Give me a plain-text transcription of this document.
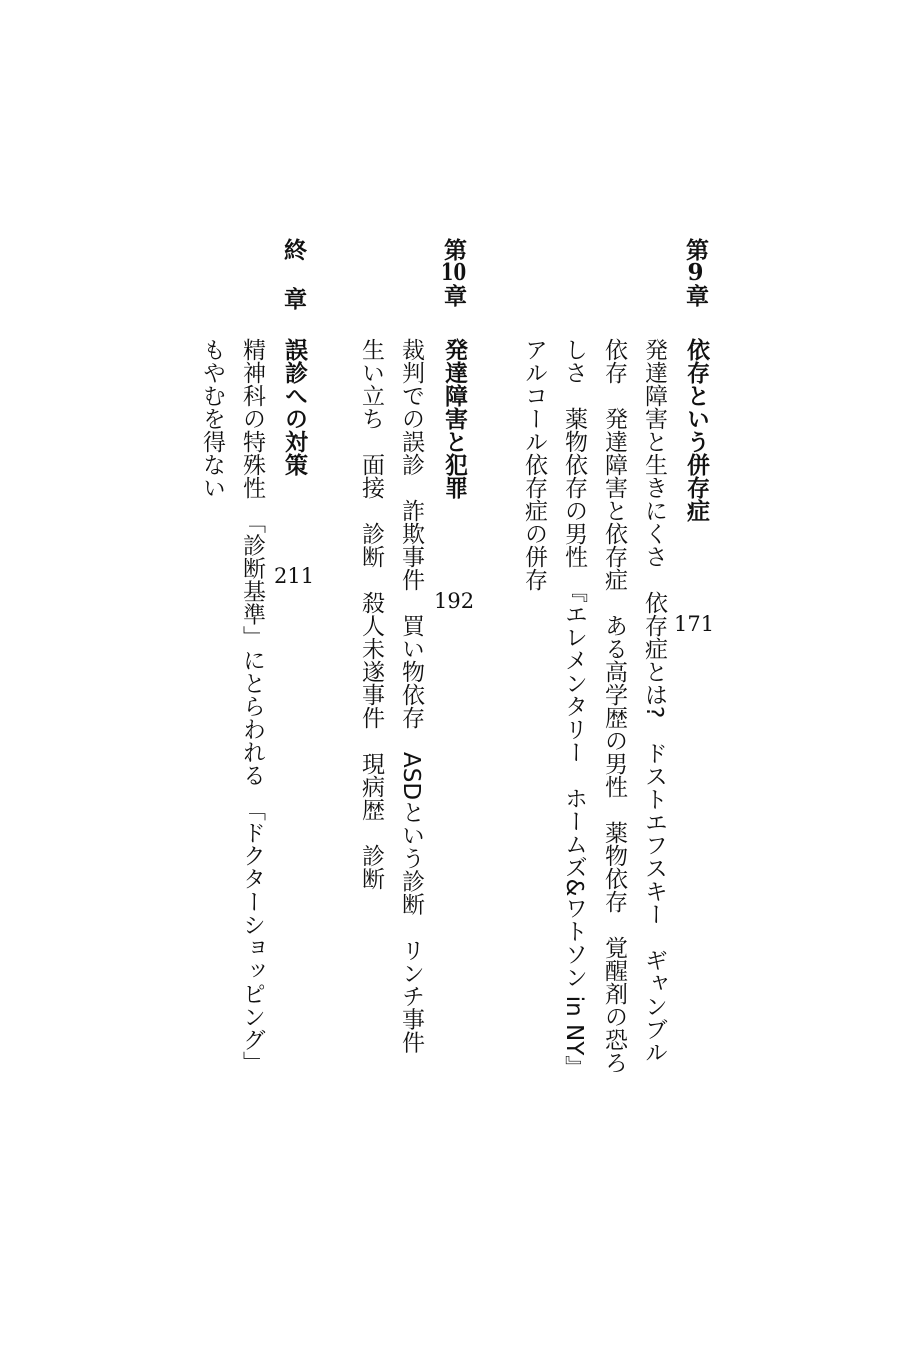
第9章
依存という併存症
171
発達障害と生きにくさ　依存症とは?　ドストエフスキー　ギャンブル
依存　発達障害と依存症　ある高学歴の男性　薬物依存　覚醒剤の恐ろ
しさ　薬物依存の男性　『エレメンタリー　ホームズ&ワトソン in NY』
アルコール依存症の併存
第10章
発達障害と犯罪
192
裁判での誤診　詐欺事件　買い物依存　ASDという診断　リンチ事件
生い立ち　面接　診断　殺人未遂事件　現病歴　診断
終
章
誤診への対策
211
精神科の特殊性　「診断基準」にとらわれる　「ドクターショッピング」
もやむを得ない
